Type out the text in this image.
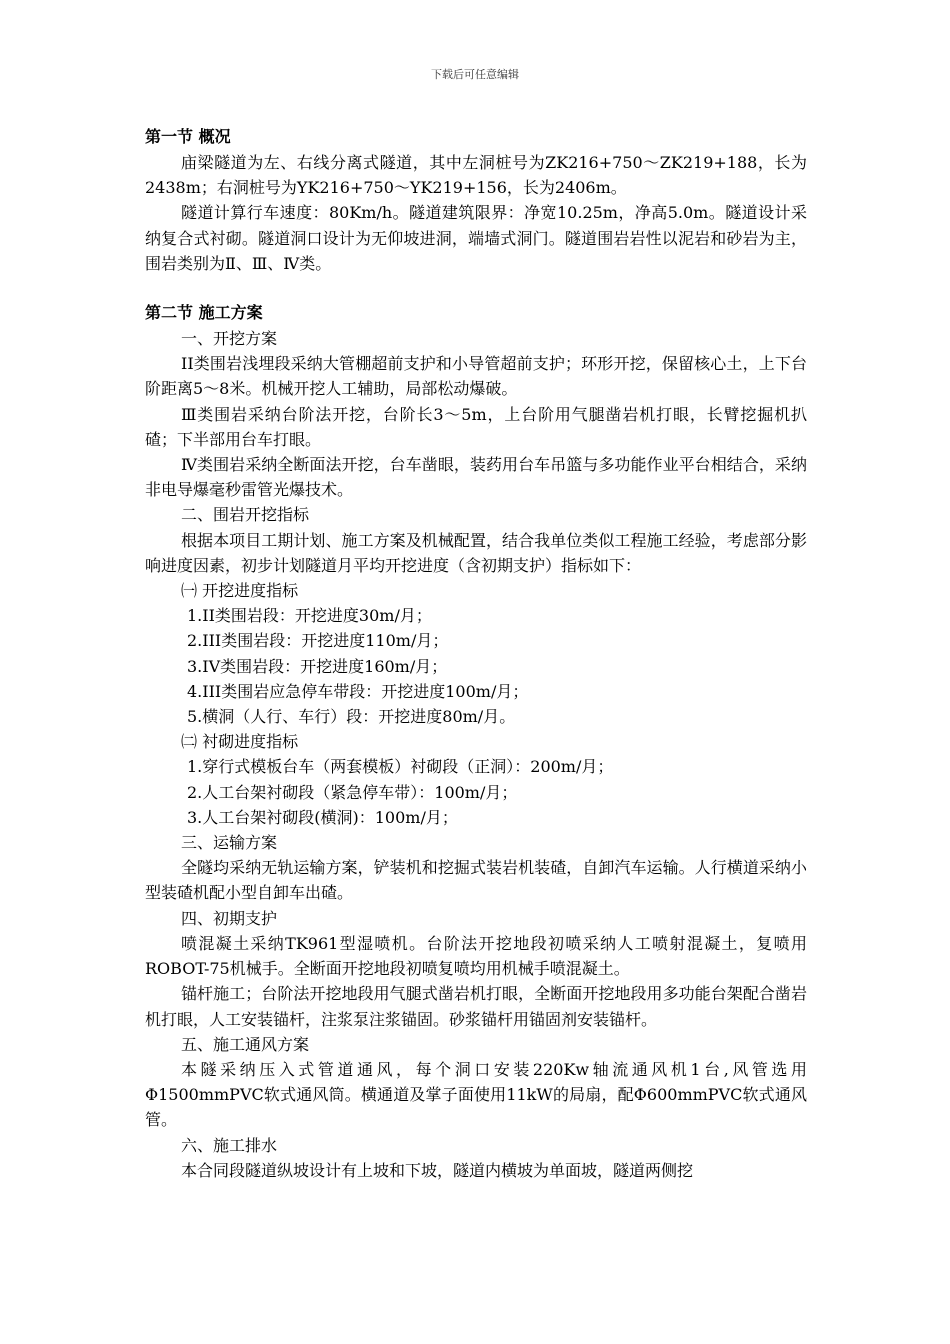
下载后可任意编辑
第一节 概况

庙梁隧道为左、右线分离式隧道，其中左洞桩号为ZK216+750～ZK219+188，长为2438m；右洞桩号为YK216+750～YK219+156，长为2406m。

隧道计算行车速度：80Km/h。隧道建筑限界：净宽10.25m，净高5.0m。隧道设计采纳复合式衬砌。隧道洞口设计为无仰坡进洞，端墙式洞门。隧道围岩岩性以泥岩和砂岩为主，围岩类别为Ⅱ、Ⅲ、Ⅳ类。

第二节 施工方案

一、开挖方案

II类围岩浅埋段采纳大管棚超前支护和小导管超前支护；环形开挖，保留核心土，上下台阶距离5～8米。机械开挖人工辅助，局部松动爆破。

Ⅲ类围岩采纳台阶法开挖，台阶长3～5m，上台阶用气腿凿岩机打眼，长臂挖掘机扒碴；下半部用台车打眼。

Ⅳ类围岩采纳全断面法开挖，台车凿眼，装药用台车吊篮与多功能作业平台相结合，采纳非电导爆毫秒雷管光爆技术。

二、围岩开挖指标

根据本项目工期计划、施工方案及机械配置，结合我单位类似工程施工经验，考虑部分影响进度因素，初步计划隧道月平均开挖进度（含初期支护）指标如下：

㈠ 开挖进度指标

1.II类围岩段：开挖进度30m/月；

2.III类围岩段：开挖进度110m/月；

3.IV类围岩段：开挖进度160m/月；

4.III类围岩应急停车带段：开挖进度100m/月；

5.横洞（人行、车行）段：开挖进度80m/月。

㈡ 衬砌进度指标

1.穿行式模板台车（两套模板）衬砌段（正洞）：200m/月；

2.人工台架衬砌段（紧急停车带）：100m/月；

3.人工台架衬砌段(横洞)：100m/月；

三、运输方案

全隧均采纳无轨运输方案，铲装机和挖掘式装岩机装碴，自卸汽车运输。人行横道采纳小型装碴机配小型自卸车出碴。

四、初期支护

喷混凝土采纳TK961型湿喷机。台阶法开挖地段初喷采纳人工喷射混凝土，复喷用ROBOT-75机械手。全断面开挖地段初喷复喷均用机械手喷混凝土。

锚杆施工；台阶法开挖地段用气腿式凿岩机打眼，全断面开挖地段用多功能台架配合凿岩机打眼，人工安装锚杆，注浆泵注浆锚固。砂浆锚杆用锚固剂安装锚杆。

五、施工通风方案

本隧采纳压入式管道通风，每个洞口安装220Kw轴流通风机1台,风管选用Φ1500mmPVC软式通风筒。横通道及掌子面使用11kW的局扇，配Φ600mmPVC软式通风管。

六、施工排水

本合同段隧道纵坡设计有上坡和下坡，隧道内横坡为单面坡，隧道两侧挖
